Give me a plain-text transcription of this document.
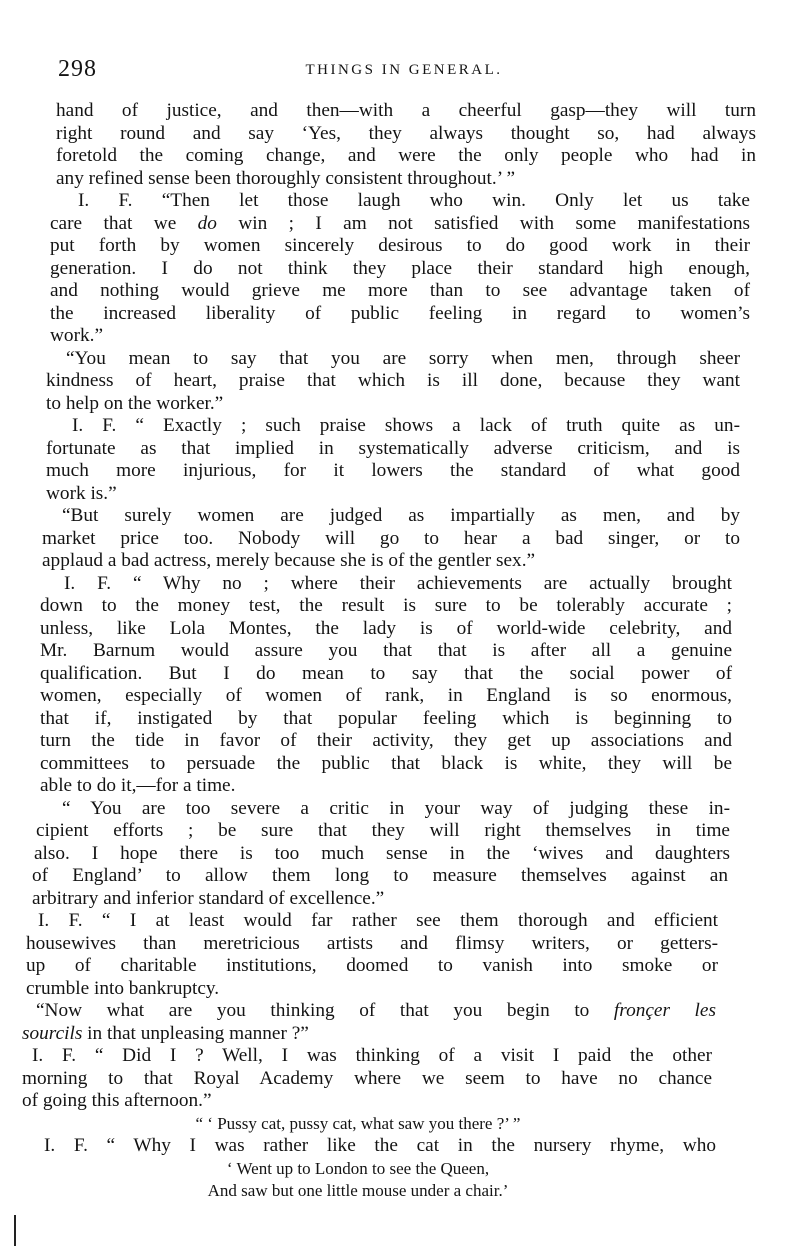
298	THINGS IN GENERAL.
hand of justice, and then—with a cheerful gasp—they will turn
right round and say ‘Yes, they always thought so, had always
foretold the coming change, and were the only people who had in
any refined sense been thoroughly consistent throughout.’ ”
I. F. “Then let those laugh who win. Only let us take
care that we do win ; I am not satisfied with some manifestations
put forth by women sincerely desirous to do good work in their
generation. I do not think they place their standard high enough,
and nothing would grieve me more than to see advantage taken of
the increased liberality of public feeling in regard to women’s
work.”
“You mean to say that you are sorry when men, through sheer
kindness of heart, praise that which is ill done, because they want
to help on the worker.”
I. F. “ Exactly ; such praise shows a lack of truth quite as un-
fortunate as that implied in systematically adverse criticism, and is
much more injurious, for it lowers the standard of what good
work is.”
“But surely women are judged as impartially as men, and by
market price too. Nobody will go to hear a bad singer, or to
applaud a bad actress, merely because she is of the gentler sex.”
I. F. “ Why no ; where their achievements are actually brought
down to the money test, the result is sure to be tolerably accurate ;
unless, like Lola Montes, the lady is of world-wide celebrity, and
Mr. Barnum would assure you that that is after all a genuine
qualification. But I do mean to say that the social power of
women, especially of women of rank, in England is so enormous,
that if, instigated by that popular feeling which is beginning to
turn the tide in favor of their activity, they get up associations and
committees to persuade the public that black is white, they will be
able to do it,—for a time.
“ You are too severe a critic in your way of judging these in-
cipient efforts ; be sure that they will right themselves in time
also. I hope there is too much sense in the ‘wives and daughters
of England’ to allow them long to measure themselves against an
arbitrary and inferior standard of excellence.”
I. F. “ I at least would far rather see them thorough and efficient
housewives than meretricious artists and flimsy writers, or getters-
up of charitable institutions, doomed to vanish into smoke or
crumble into bankruptcy.
“Now what are you thinking of that you begin to fronçer les
sourcils in that unpleasing manner ?”
I. F. “ Did I ? Well, I was thinking of a visit I paid the other
morning to that Royal Academy where we seem to have no chance
of going this afternoon.”
“ ‘ Pussy cat, pussy cat, what saw you there ?’ ”
I. F. “ Why I was rather like the cat in the nursery rhyme, who
‘ Went up to London to see the Queen,
And saw but one little mouse under a chair.’
